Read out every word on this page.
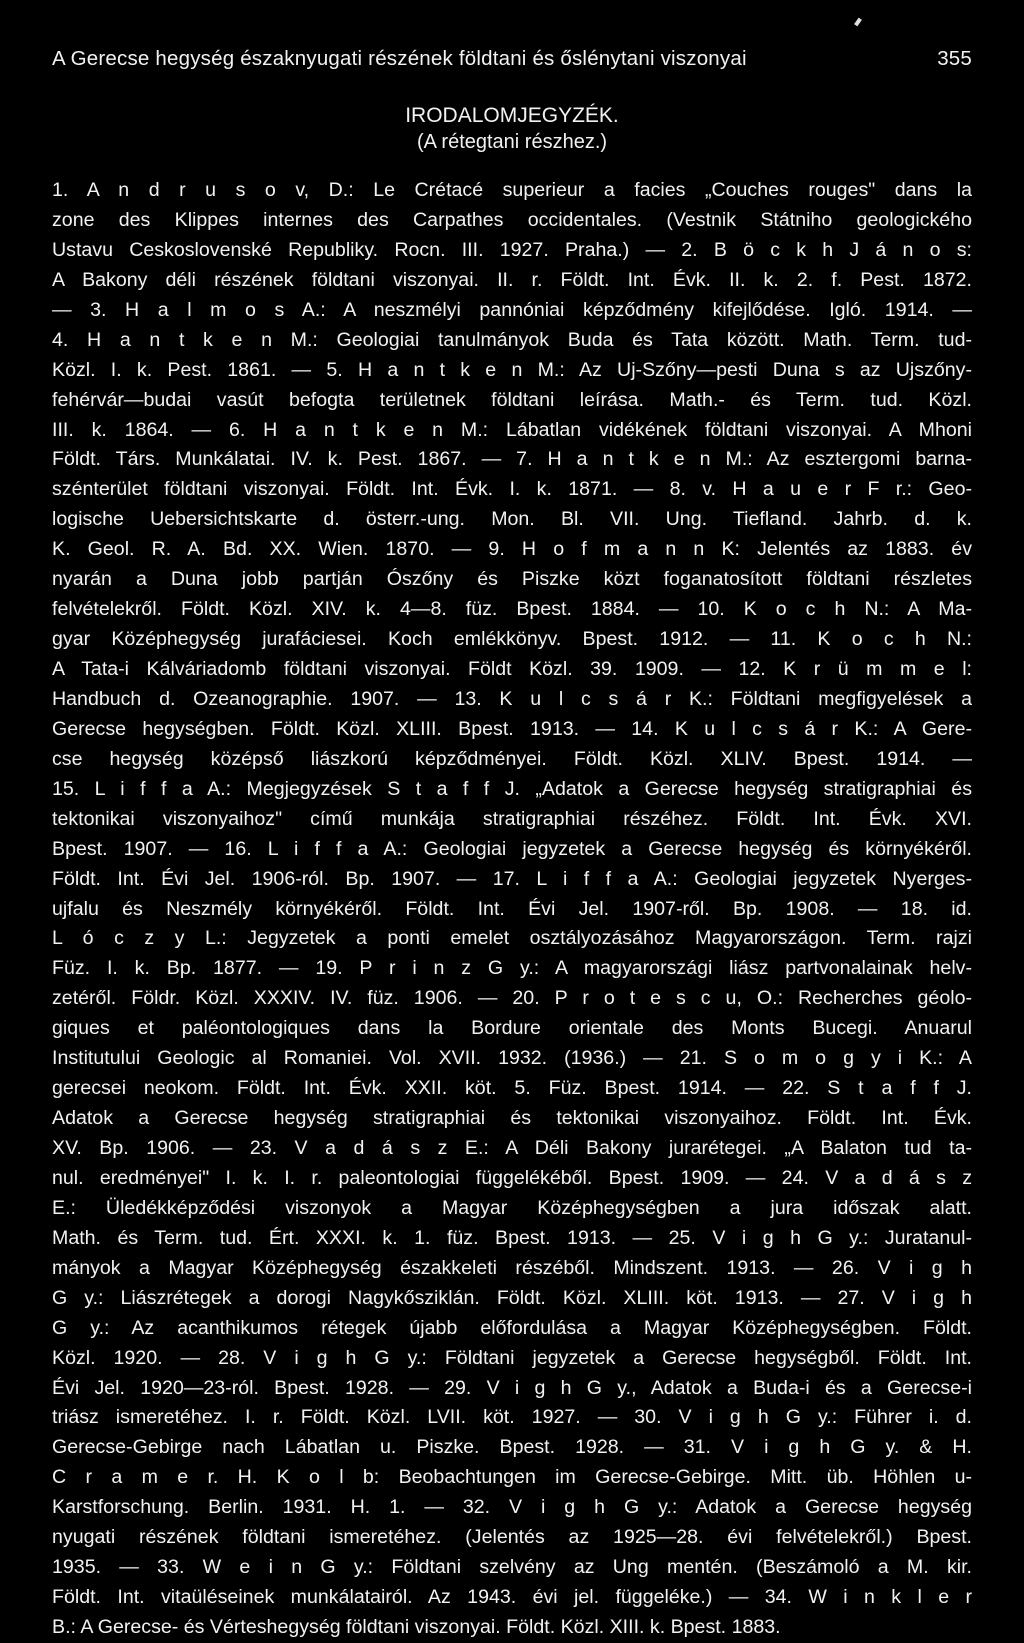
A Gerecse hegység északnyugati részének földtani és őslénytani viszonyai	355
IRODALOMJEGYZÉK.
(A rétegtani részhez.)
1. A n d r u s o v, D.: Le Crétacé superieur a facies „Couches rouges" dans la
zone des Klippes internes des Carpathes occidentales. (Vestnik Státniho geologického
Ustavu Ceskoslovenské Republiky. Rocn. III. 1927. Praha.) — 2. B ö c k h J á n o s:
A Bakony déli részének földtani viszonyai. II. r. Földt. Int. Évk. II. k. 2. f. Pest. 1872.
— 3. H a l m o s A.: A neszmélyi pannóniai képződmény kifejlődése. Igló. 1914. —
4. H a n t k e n M.: Geologiai tanulmányok Buda és Tata között. Math. Term. tud-
Közl. I. k. Pest. 1861. — 5. H a n t k e n M.: Az Uj-Szőny—pesti Duna s az Ujszőny-
fehérvár—budai vasút befogta területnek földtani leírása. Math.- és Term. tud. Közl.
III. k. 1864. — 6. H a n t k e n M.: Lábatlan vidékének földtani viszonyai. A Mhoni
Földt. Társ. Munkálatai. IV. k. Pest. 1867. — 7. H a n t k e n M.: Az esztergomi barna-
szénterület földtani viszonyai. Földt. Int. Évk. I. k. 1871. — 8. v. H a u e r F r.: Geo-
logische Uebersichtskarte d. österr.-ung. Mon. Bl. VII. Ung. Tiefland. Jahrb. d. k.
K. Geol. R. A. Bd. XX. Wien. 1870. — 9. H o f m a n n K: Jelentés az 1883. év
nyarán a Duna jobb partján Ószőny és Piszke közt foganatosított földtani részletes
felvételekről. Földt. Közl. XIV. k. 4—8. füz. Bpest. 1884. — 10. K o c h N.: A Ma-
gyar Középhegység jurafáciesei. Koch emlékkönyv. Bpest. 1912. — 11. K o c h N.:
A Tata-i Kálváriadomb földtani viszonyai. Földt Közl. 39. 1909. — 12. K r ü m m e l:
Handbuch d. Ozeanographie. 1907. — 13. K u l c s á r K.: Földtani megfigyelések a
Gerecse hegységben. Földt. Közl. XLIII. Bpest. 1913. — 14. K u l c s á r K.: A Gere-
cse hegység középső liászkorú képződményei. Földt. Közl. XLIV. Bpest. 1914. —
15. L i f f a A.: Megjegyzések S t a f f J. „Adatok a Gerecse hegység stratigraphiai és
tektonikai viszonyaihoz" című munkája stratigraphiai részéhez. Földt. Int. Évk. XVI.
Bpest. 1907. — 16. L i f f a A.: Geologiai jegyzetek a Gerecse hegység és környékéről.
Földt. Int. Évi Jel. 1906-ról. Bp. 1907. — 17. L i f f a A.: Geologiai jegyzetek Nyerges-
ujfalu és Neszmély környékéről. Földt. Int. Évi Jel. 1907-ről. Bp. 1908. — 18. id.
L ó c z y L.: Jegyzetek a ponti emelet osztályozásához Magyarországon. Term. rajzi
Füz. I. k. Bp. 1877. — 19. P r i n z G y.: A magyarországi liász partvonalainak helv-
zetéről. Földr. Közl. XXXIV. IV. füz. 1906. — 20. P r o t e s c u, O.: Recherches géolo-
giques et paléontologiques dans la Bordure orientale des Monts Bucegi. Anuarul
Institutului Geologic al Romaniei. Vol. XVII. 1932. (1936.) — 21. S o m o g y i K.: A
gerecsei neokom. Földt. Int. Évk. XXII. köt. 5. Füz. Bpest. 1914. — 22. S t a f f J.
Adatok a Gerecse hegység stratigraphiai és tektonikai viszonyaihoz. Földt. Int. Évk.
XV. Bp. 1906. — 23. V a d á s z E.: A Déli Bakony jurarétegei. „A Balaton tud ta-
nul. eredményei" I. k. I. r. paleontologiai függelékéből. Bpest. 1909. — 24. V a d á s z
E.: Üledékképződési viszonyok a Magyar Középhegységben a jura időszak alatt.
Math. és Term. tud. Ért. XXXI. k. 1. füz. Bpest. 1913. — 25. V i g h G y.: Juratanul-
mányok a Magyar Középhegység északkeleti részéből. Mindszent. 1913. — 26. V i g h
G y.: Liászrétegek a dorogi Nagykősziklán. Földt. Közl. XLIII. köt. 1913. — 27. V i g h
G y.: Az acanthikumos rétegek újabb előfordulása a Magyar Középhegységben. Földt.
Közl. 1920. — 28. V i g h G y.: Földtani jegyzetek a Gerecse hegységből. Földt. Int.
Évi Jel. 1920—23-ról. Bpest. 1928. — 29. V i g h G y., Adatok a Buda-i és a Gerecse-i
triász ismeretéhez. I. r. Földt. Közl. LVII. köt. 1927. — 30. V i g h G y.: Führer i. d.
Gerecse-Gebirge nach Lábatlan u. Piszke. Bpest. 1928. — 31. V i g h G y. & H.
C r a m e r. H. K o l b: Beobachtungen im Gerecse-Gebirge. Mitt. üb. Höhlen u-
Karstforschung. Berlin. 1931. H. 1. — 32. V i g h G y.: Adatok a Gerecse hegység
nyugati részének földtani ismeretéhez. (Jelentés az 1925—28. évi felvételekről.) Bpest.
1935. — 33. W e i n G y.: Földtani szelvény az Ung mentén. (Beszámoló a M. kir.
Földt. Int. vitaüléseinek munkálatairól. Az 1943. évi jel. függeléke.) — 34. W i n k l e r
B.: A Gerecse- és Vérteshegység földtani viszonyai. Földt. Közl. XIII. k. Bpest. 1883.
